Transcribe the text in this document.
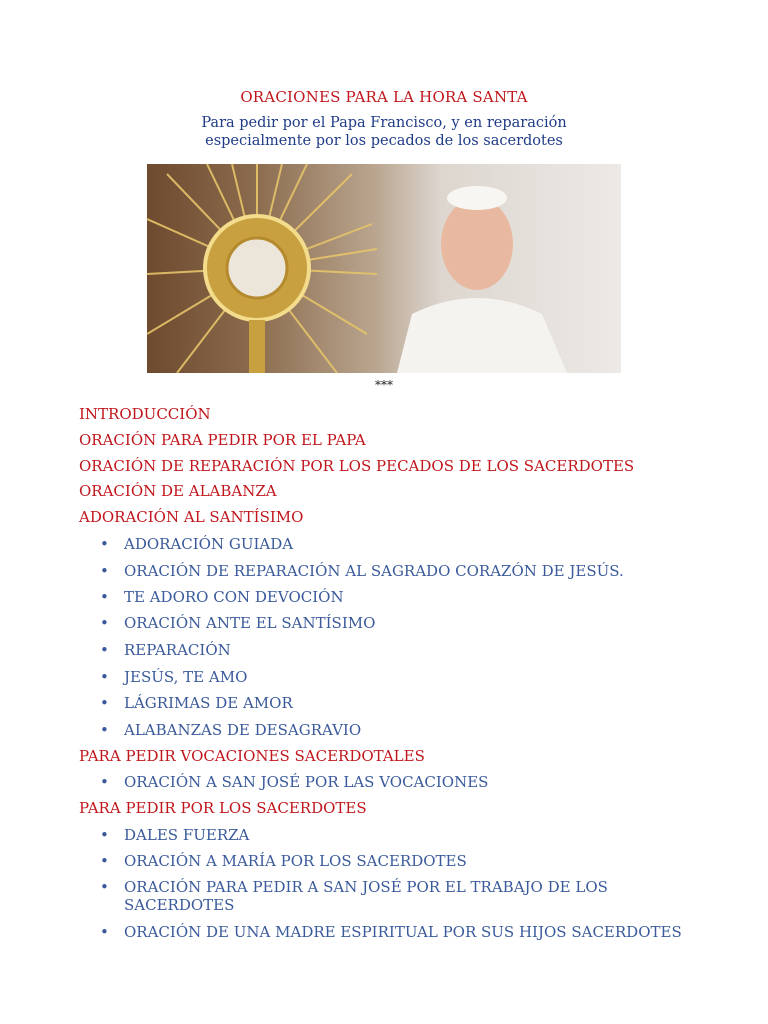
ORACIONES PARA LA HORA SANTA
Para pedir por el Papa Francisco, y en reparación
especialmente por los pecados de los sacerdotes
***

INTRODUCCIÓN

ORACIÓN PARA PEDIR POR EL PAPA

ORACIÓN DE REPARACIÓN POR LOS PECADOS DE LOS SACERDOTES

ORACIÓN DE ALABANZA

ADORACIÓN AL SANTÍSIMO

•	ADORACIÓN GUIADA
•	ORACIÓN DE REPARACIÓN AL SAGRADO CORAZÓN DE JESÚS.
•	TE ADORO CON DEVOCIÓN
•	ORACIÓN ANTE EL SANTÍSIMO
•	REPARACIÓN
•	JESÚS, TE AMO
•	LÁGRIMAS DE AMOR
•	ALABANZAS DE DESAGRAVIO

PARA PEDIR VOCACIONES SACERDOTALES

•	ORACIÓN A SAN JOSÉ POR LAS VOCACIONES

PARA PEDIR POR LOS SACERDOTES

•	DALES FUERZA
•	ORACIÓN A MARÍA POR LOS SACERDOTES
•	ORACIÓN PARA PEDIR A SAN JOSÉ POR EL TRABAJO DE LOS
SACERDOTES
•	ORACIÓN DE UNA MADRE ESPIRITUAL POR SUS HIJOS SACERDOTES
